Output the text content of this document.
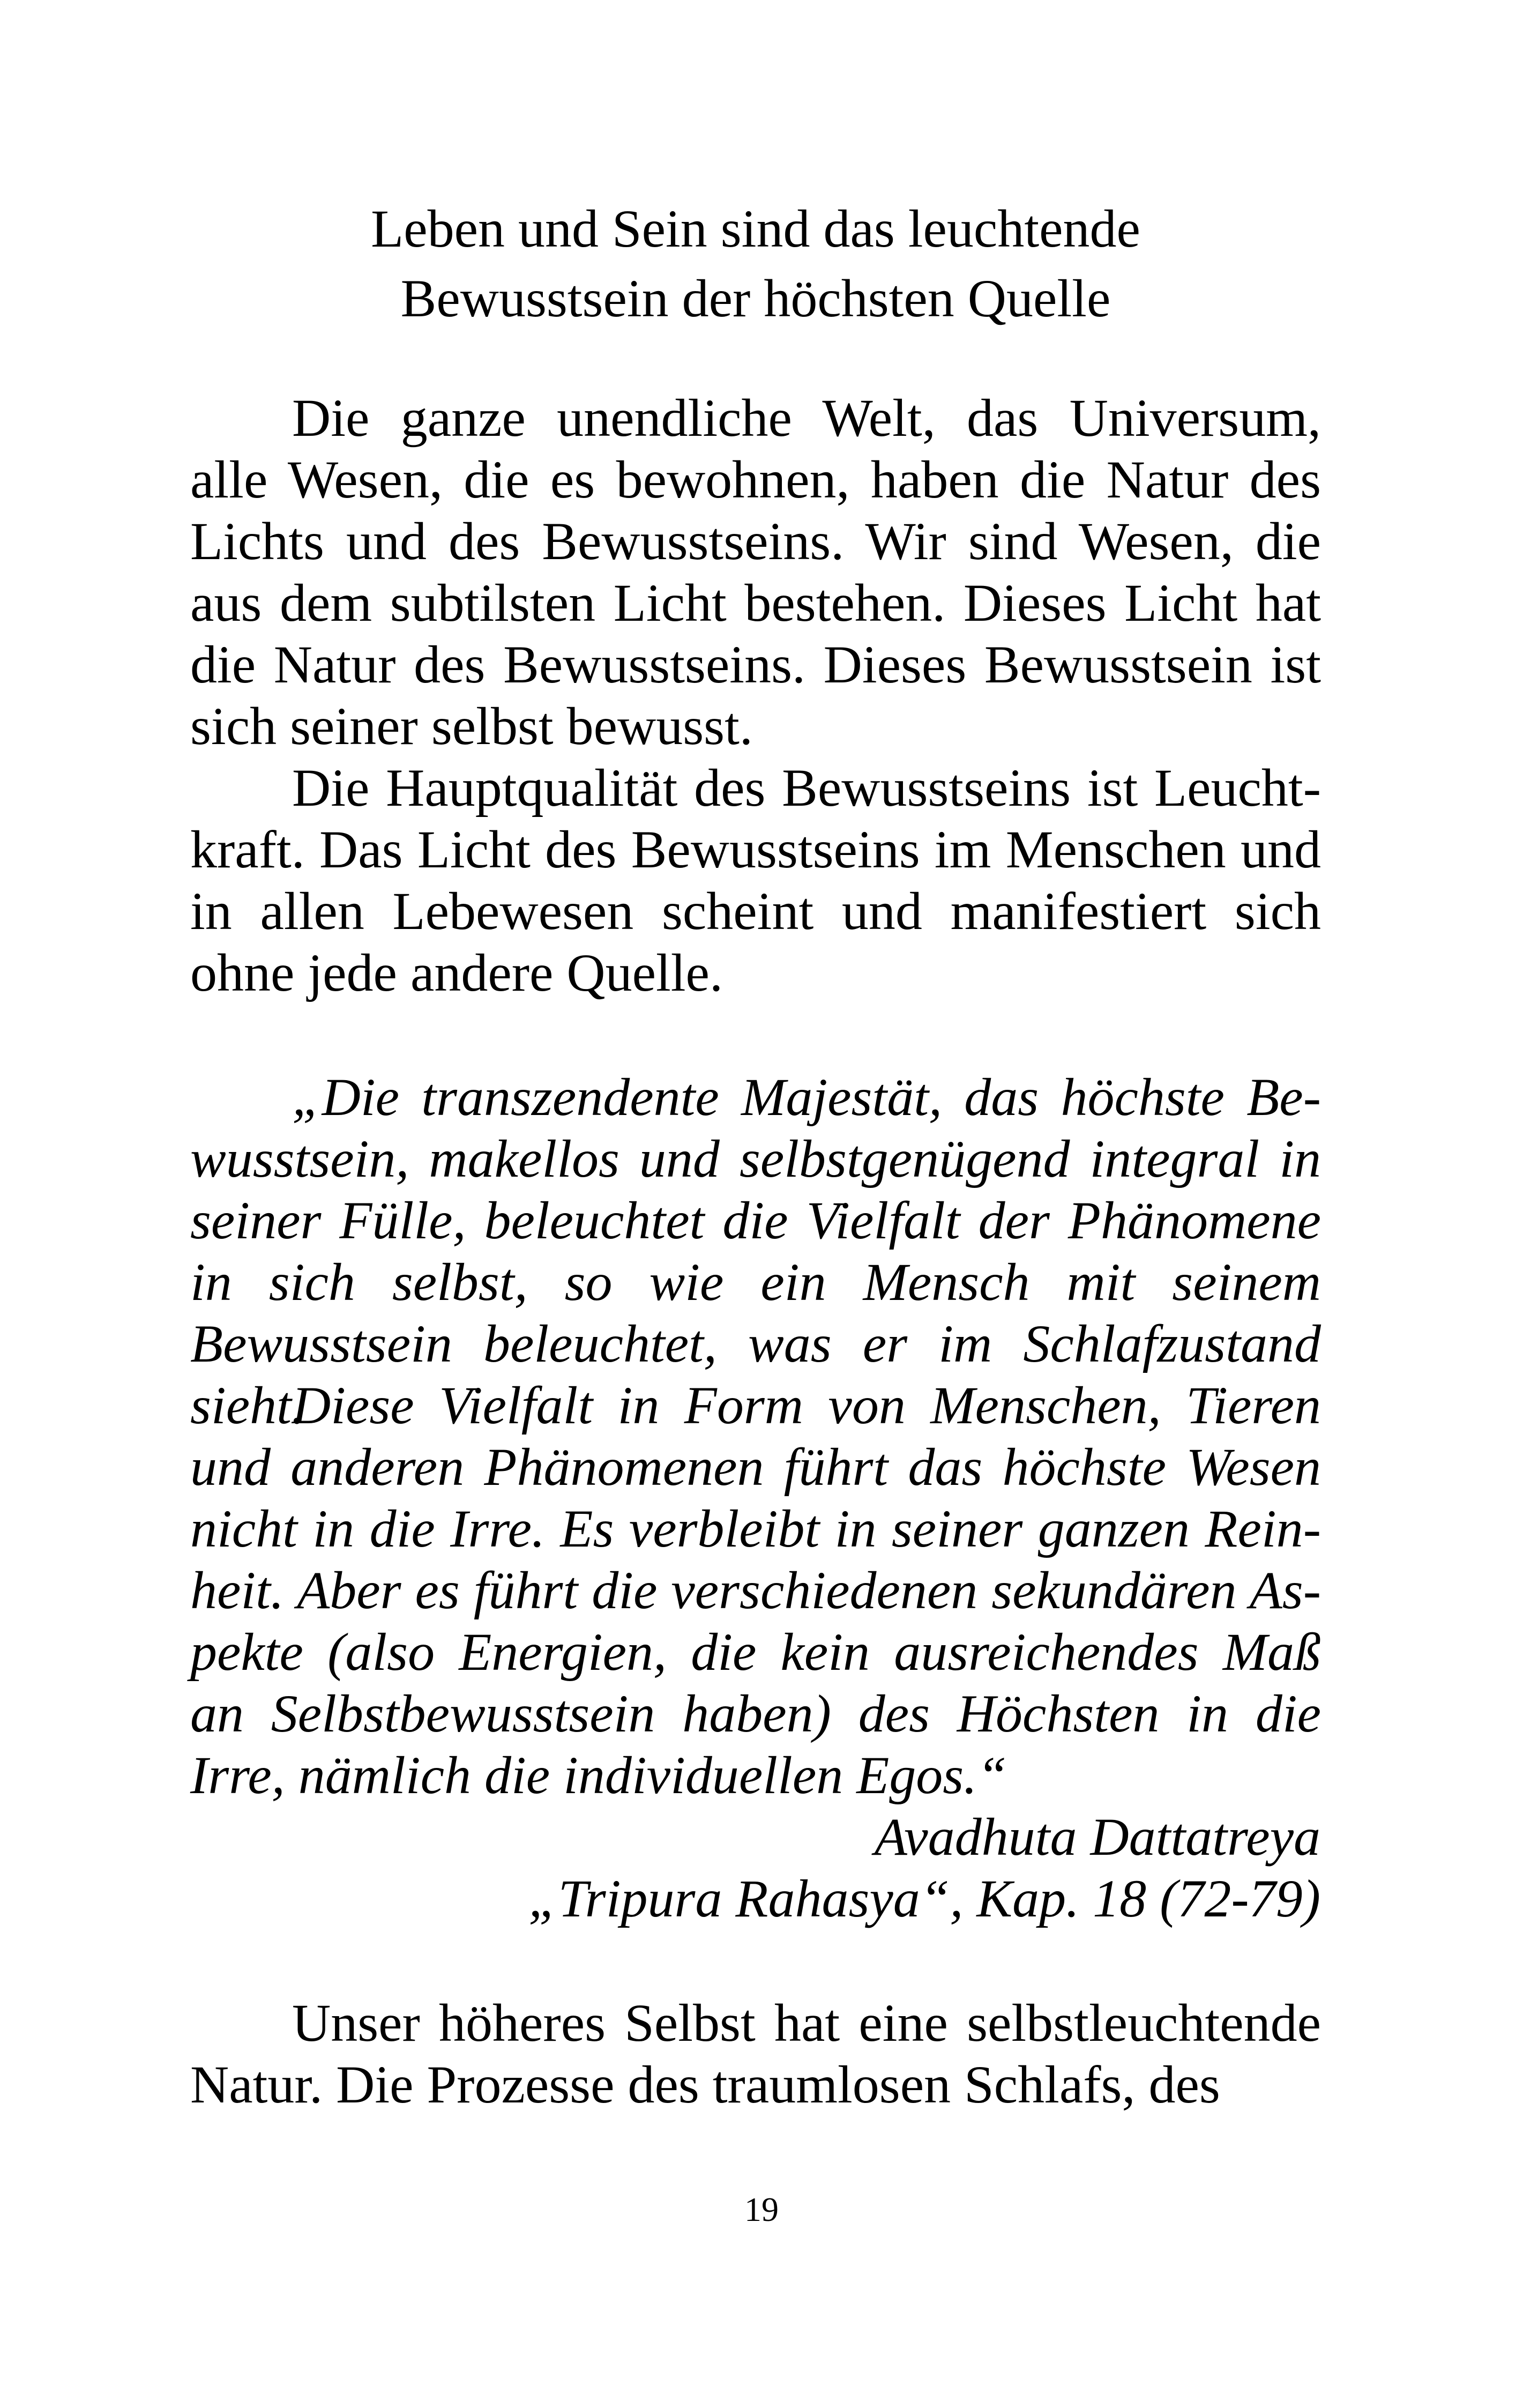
Leben und Sein sind das leuchtende
Bewusstsein der höchsten Quelle

Die ganze unendliche Welt, das Universum, alle Wesen, die es bewohnen, haben die Natur des Lichts und des Bewusstseins. Wir sind Wesen, die aus dem subtilsten Licht bestehen. Dieses Licht hat die Natur des Bewusstseins. Dieses Bewusstsein ist sich seiner selbst bewusst.

Die Hauptqualität des Bewusstseins ist Leuchtkraft. Das Licht des Bewusstseins im Menschen und in allen Lebewesen scheint und manifestiert sich ohne jede andere Quelle.

„Die transzendente Majestät, das höchste Bewusstsein, makellos und selbstgenügend integral in seiner Fülle, beleuchtet die Vielfalt der Phänomene in sich selbst, so wie ein Mensch mit seinem Bewusstsein beleuchtet, was er im Schlafzustand sieht.

Diese Vielfalt in Form von Menschen, Tieren und anderen Phänomenen führt das höchste Wesen nicht in die Irre. Es verbleibt in seiner ganzen Reinheit. Aber es führt die verschiedenen sekundären Aspekte (also Energien, die kein ausreichendes Maß an Selbstbewusstsein haben) des Höchsten in die Irre, nämlich die individuellen Egos.“

Avadhuta Dattatreya

„Tripura Rahasya“, Kap. 18 (72-79)

Unser höheres Selbst hat eine selbstleuchtende Natur. Die Prozesse des traumlosen Schlafs, des

19
